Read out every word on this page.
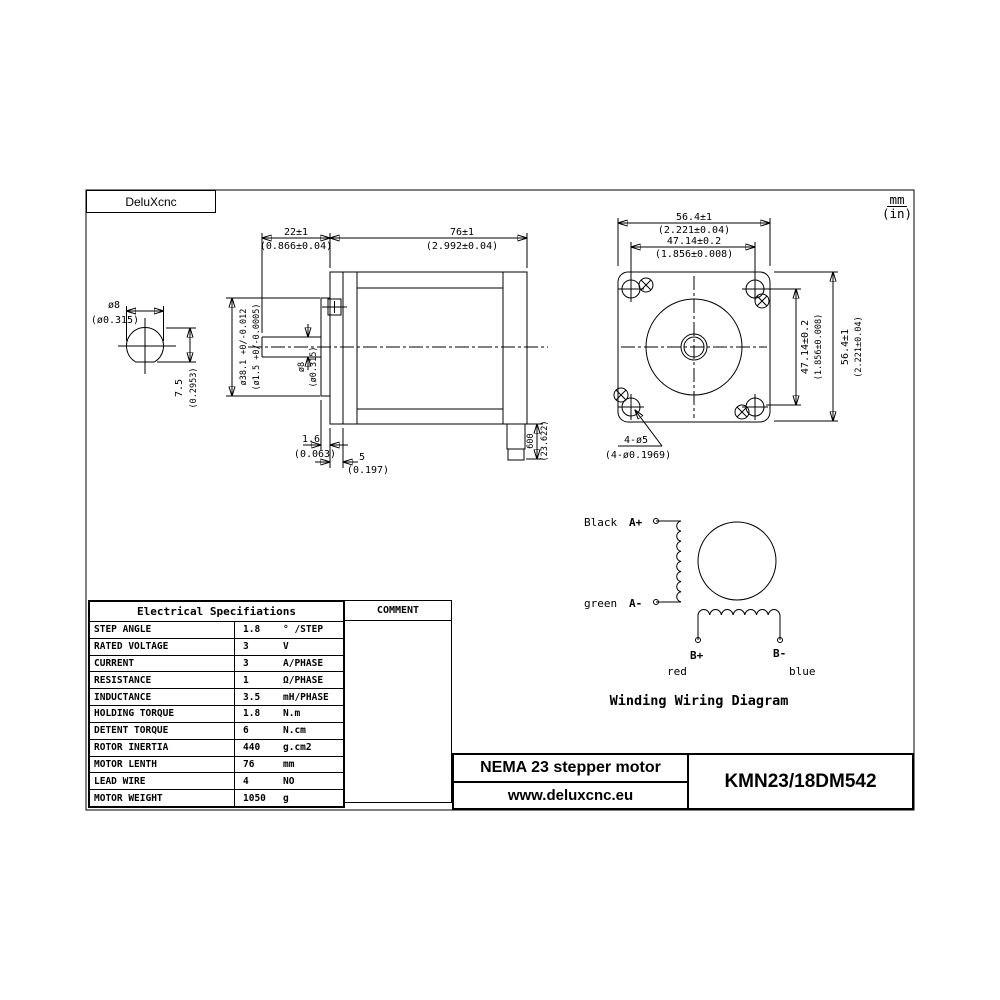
ø8
(ø0.315)
7.5 (0.2953)
22±1
(0.866±0.04)
76±1
(2.992±0.04)
ø38.1 +0/-0.012 (ø1.5 +0/-0.0005)	ø8 (ø0.315)
1.6
(0.063) 5
(0.197)
600 (23.622)
56.4±1
(2.221±0.04)
47.14±0.2
(1.856±0.008)
47.14±0.2 (1.856±0.008) 56.4±1 (2.221±0.04)
4-ø5
(4-ø0.1969)
Black A+
green A-
B+	B-
red	blue
Winding Wiring Diagram
DeluXcnc	mm
(in)
Electrical Specifiations
STEP ANGLE	1.8	° /STEP
RATED VOLTAGE	3	V
CURRENT	3	A/PHASE
RESISTANCE	1	Ω/PHASE
INDUCTANCE	3.5	mH/PHASE
HOLDING TORQUE	1.8	N.m
DETENT TORQUE	6	N.cm
ROTOR INERTIA	440	g.cm2
MOTOR LENTH	76	mm
LEAD WIRE	4	NO
MOTOR WEIGHT	1050	g
COMMENT
NEMA 23 stepper motor
www.deluxcnc.eu
KMN23/18DM542
